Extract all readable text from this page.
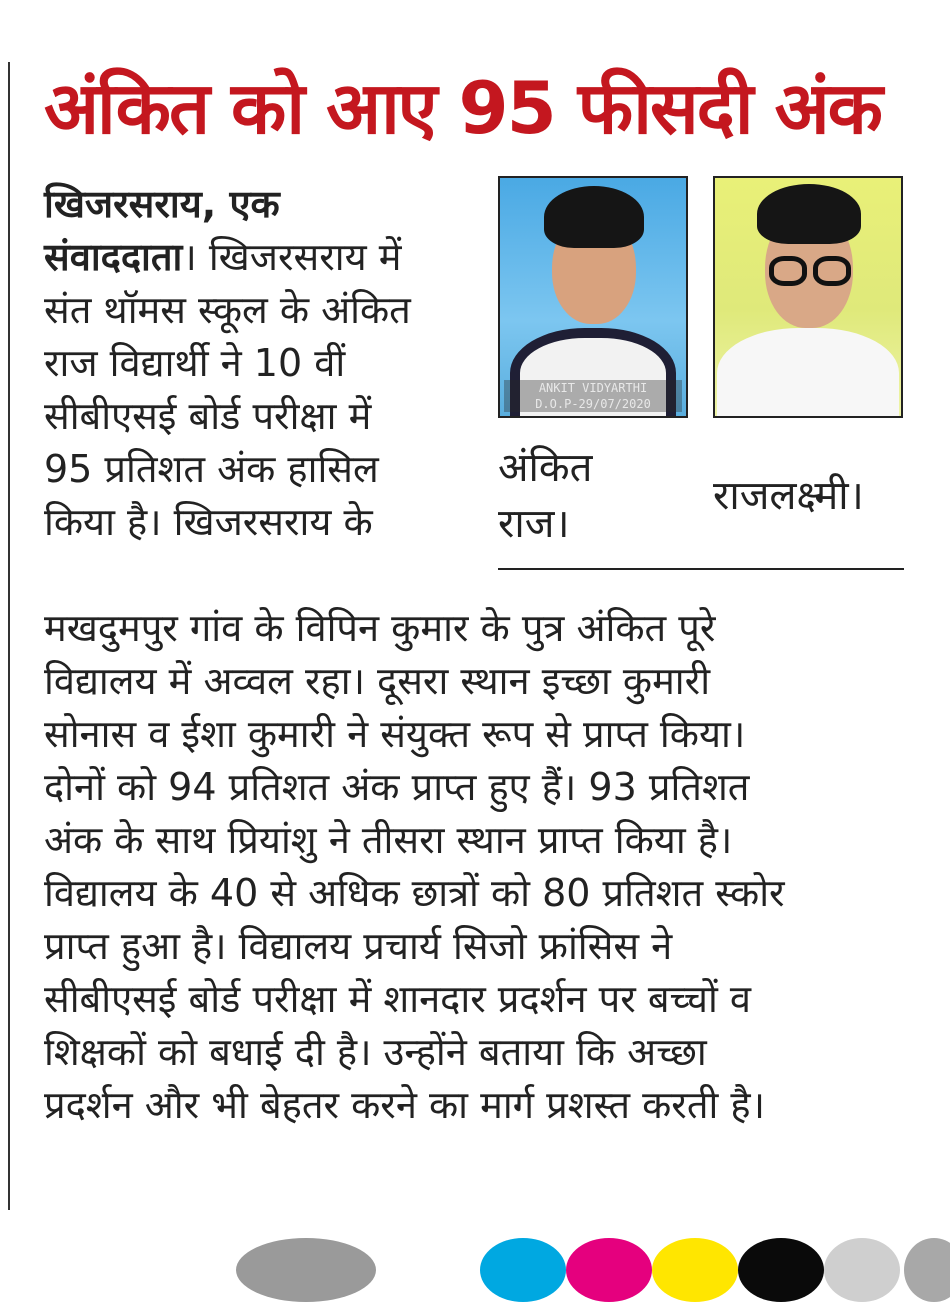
अंकित को आए 95 फीसदी अंक
खिजरसराय, एक
संवाददाता। खिजरसराय में
संत थॉमस स्कूल के अंकित
राज विद्यार्थी ने 10 वीं
सीबीएसई बोर्ड परीक्षा में
95 प्रतिशत अंक हासिल
किया है। खिजरसराय के
ANKIT VIDYARTHI
D.O.P-29/07/2020
अंकित
राज।
राजलक्ष्मी।
मखदुमपुर गांव के विपिन कुमार के पुत्र अंकित पूरे
विद्यालय में अव्वल रहा। दूसरा स्थान इच्छा कुमारी
सोनास व ईशा कुमारी ने संयुक्त रूप से प्राप्त किया।
दोनों को 94 प्रतिशत अंक प्राप्त हुए हैं। 93 प्रतिशत
अंक के साथ प्रियांशु ने तीसरा स्थान प्राप्त किया है।
विद्यालय के 40 से अधिक छात्रों को 80 प्रतिशत स्कोर
प्राप्त हुआ है। विद्यालय प्रचार्य सिजो फ्रांसिस ने
सीबीएसई बोर्ड परीक्षा में शानदार प्रदर्शन पर बच्चों व
शिक्षकों को बधाई दी है। उन्होंने बताया कि अच्छा
प्रदर्शन और भी बेहतर करने का मार्ग प्रशस्त करती है।
